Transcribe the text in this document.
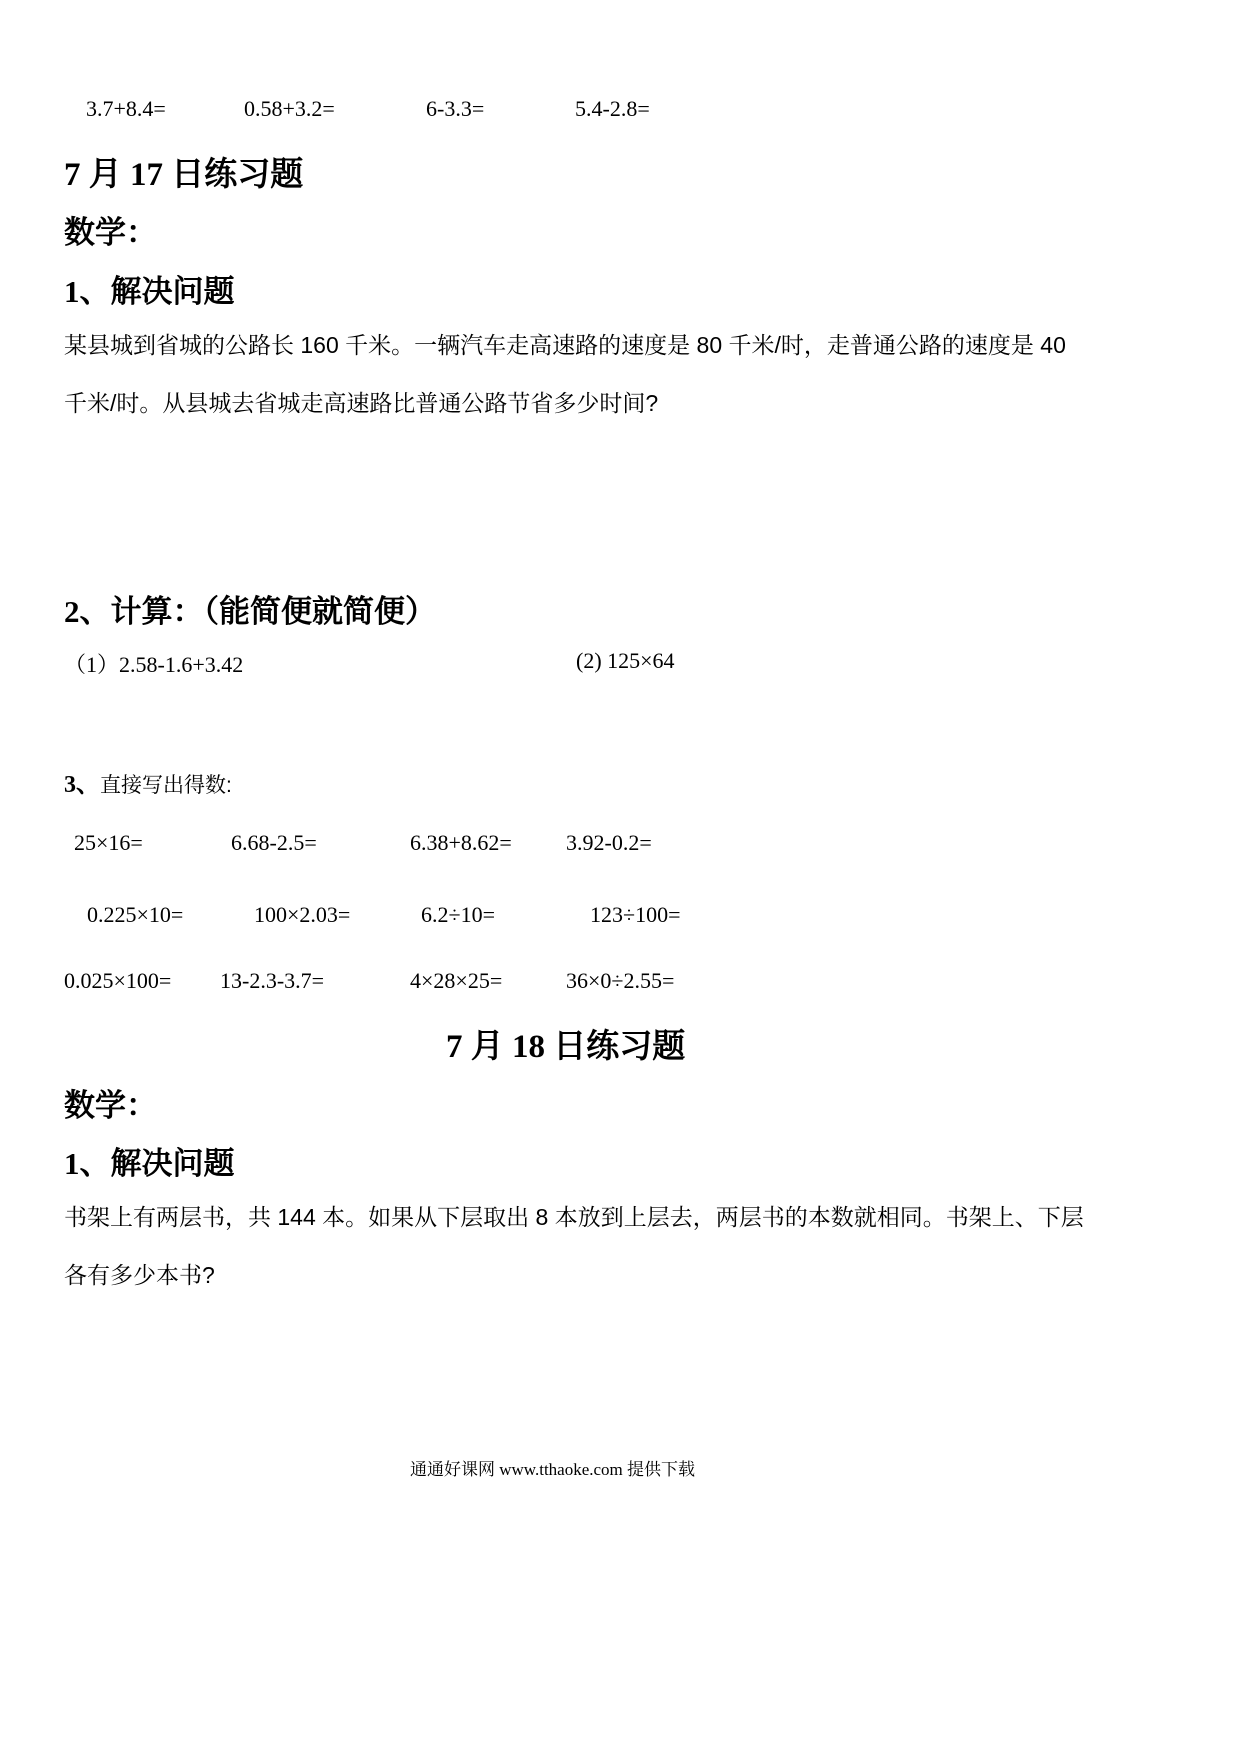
3.7+8.4=	0.58+3.2=	6-3.3=	5.4-2.8=
7 月 17 日练习题
数学：
1、解决问题
某县城到省城的公路长 160 千米。一辆汽车走高速路的速度是 80 千米/时，走普通公路的速度是 40
千米/时。从县城去省城走高速路比普通公路节省多少时间?
2、计算：（能简便就简便）
（1）2.58-1.6+3.42	(2) 125×64
3、直接写出得数:
25×16=	6.68-2.5=	6.38+8.62= 3.92-0.2=
0.225×10=	100×2.03=	6.2÷10=	123÷100=
0.025×100= 13-2.3-3.7=	4×28×25=	36×0÷2.55=
7 月 18 日练习题
数学：
1、解决问题
书架上有两层书，共 144 本。如果从下层取出 8 本放到上层去，两层书的本数就相同。书架上、下层
各有多少本书?
通通好课网 www.tthaoke.com 提供下载
